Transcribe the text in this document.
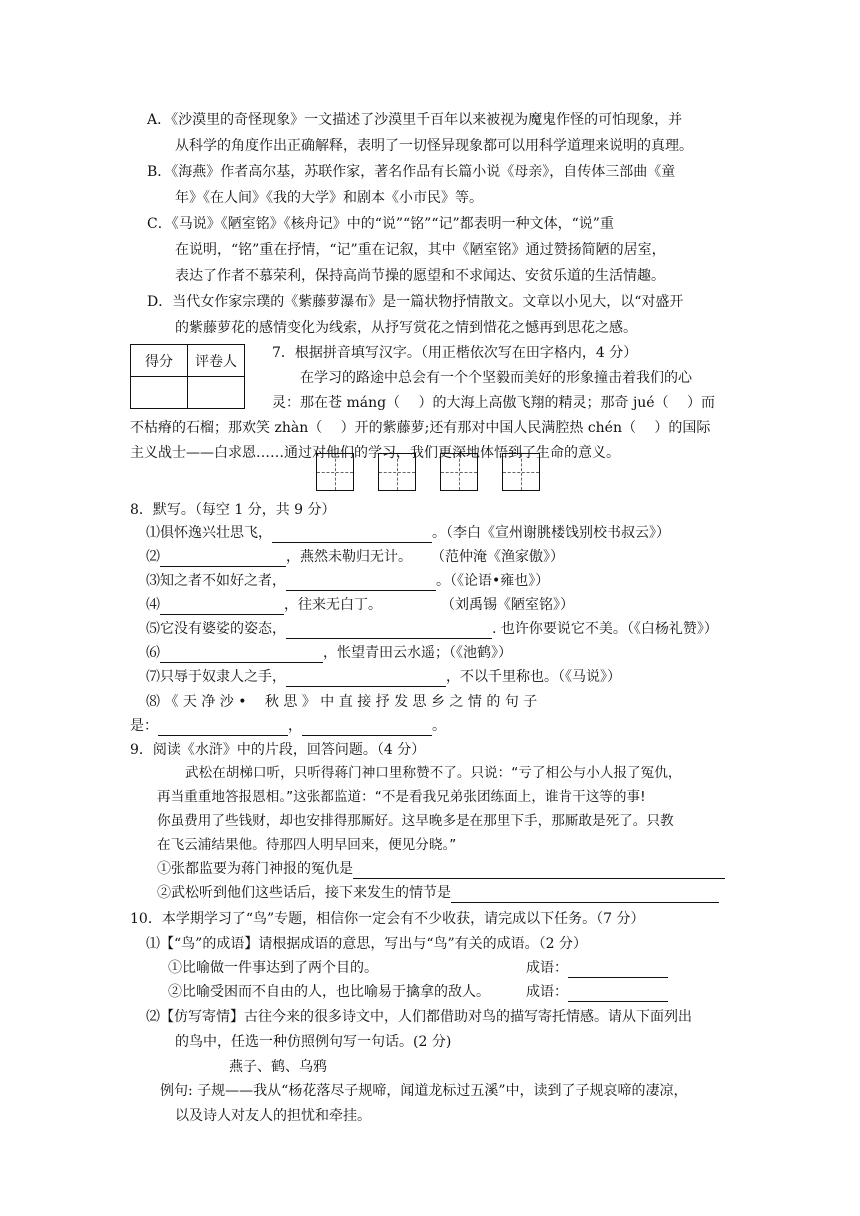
A．《沙漠里的奇怪现象》一文描述了沙漠里千百年以来被视为魔鬼作怪的可怕现象，并
从科学的角度作出正确解释，表明了一切怪异现象都可以用科学道理来说明的真理。
B．《海燕》作者高尔基，苏联作家，著名作品有长篇小说《母亲》，自传体三部曲《童
年》《在人间》《我的大学》和剧本《小市民》等。
C．《马说》《陋室铭》《核舟记》中的“说”“铭”“记”都表明一种文体，“说”重
在说明，“铭”重在抒情，“记”重在记叙，其中《陋室铭》通过赞扬简陋的居室，
表达了作者不慕荣利，保持高尚节操的愿望和不求闻达、安贫乐道的生活情趣。
D．当代女作家宗璞的《紫藤萝瀑布》是一篇状物抒情散文。文章以小见大，以“对盛开
的紫藤萝花的感情变化为线索，从抒写赏花之情到惜花之憾再到思花之感。
得分	评卷人

7．根据拼音填写汉字。（用正楷依次写在田字格内，4 分）
在学习的路途中总会有一个个坚毅而美好的形象撞击着我们的心
灵：那在苍 máng（　 ）的大海上高傲飞翔的精灵；那奇 jué（　 ）而
不枯瘠的石榴；那欢笑 zhàn（　 ）开的紫藤萝;还有那对中国人民满腔热 chén（　 ）的国际
主义战士——白求恩……通过对他们的学习，我们更深地体悟到了生命的意义。
8．默写。（每空 1 分，共 9 分）
⑴俱怀逸兴壮思飞，	。（李白《宣州谢朓楼饯别校书叔云》）
⑵	，燕然未勒归无计。 （范仲淹《渔家傲》）
⑶知之者不如好之者，	。（《论语•雍也》）
⑷	，往来无白丁。	（刘禹锡《陋室铭》）
⑸它没有婆娑的姿态，	. 也许你要说它不美。（《白杨礼赞》）
⑹	，怅望青田云水遥；（《池鹤》）
⑺只辱于奴隶人之手，	，不以千里称也。（《马说》）
⑻ 《 天 净 沙 •　 秋 思 》 中 直 接 抒 发 思 乡 之 情 的 句 子
是：	，	。
9．阅读《水浒》中的片段，回答问题。（4 分）
武松在胡梯口听，只听得蒋门神口里称赞不了。只说：“亏了相公与小人报了冤仇，
再当重重地答报恩相。”这张都监道：“不是看我兄弟张团练面上，谁肯干这等的事!
你虽费用了些钱财，却也安排得那厮好。这早晚多是在那里下手，那厮敢是死了。只教
在飞云浦结果他。待那四人明早回来，便见分晓。”
①张都监要为蒋门神报的冤仇是
②武松听到他们这些话后，接下来发生的情节是
10．本学期学习了“鸟”专题，相信你一定会有不少收获，请完成以下任务。（7 分）
⑴【“鸟”的成语】请根据成语的意思，写出与“鸟”有关的成语。（2 分）
①比喻做一件事达到了两个目的。	成语：
②比喻受困而不自由的人，也比喻易于擒拿的敌人。	成语：
⑵【仿写寄情】古往今来的很多诗文中，人们都借助对鸟的描写寄托情感。请从下面列出
的鸟中，任选一种仿照例句写一句话。(2 分)
燕子、鹤、乌鸦
例句: 子规——我从“杨花落尽子规啼，闻道龙标过五溪”中，读到了子规哀啼的凄凉，
以及诗人对友人的担忧和牵挂。
